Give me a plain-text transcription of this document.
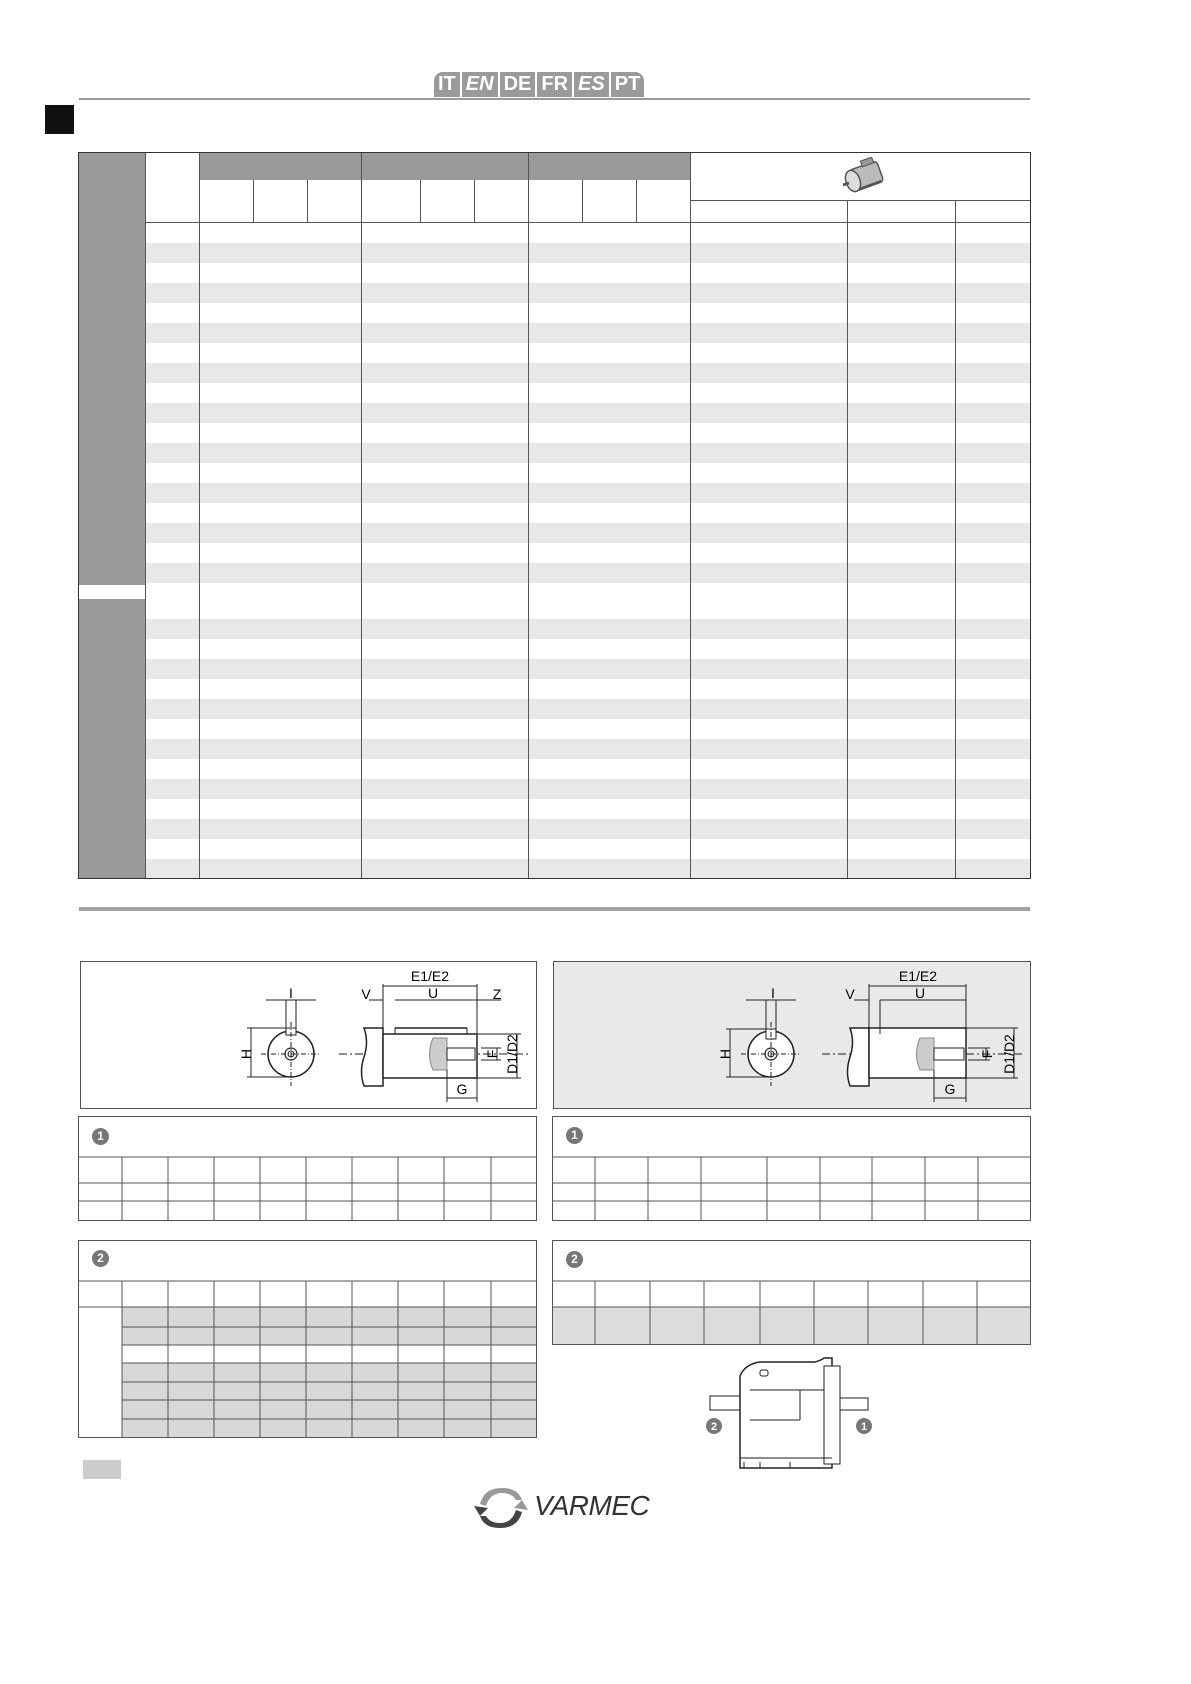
IT EN DE FR ES PT
I
H
E1/E2
U
V	Z
F D1/D2
G
I
H
E1/E2
U
V
F D1/D2
G
1	1
2	2
2	1
VARMEC
